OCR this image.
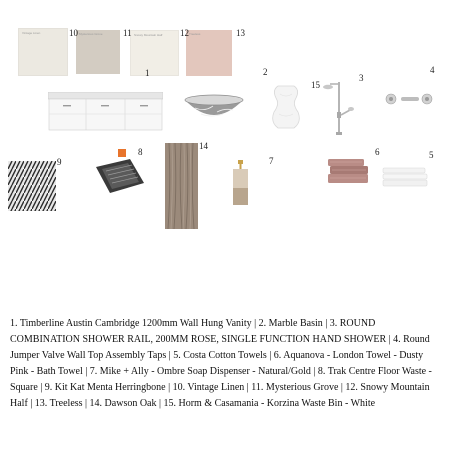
Vintage Linen	Mysterious Grove	Snowy Mountain Half	Treeless
10	11	12	13
1	2
15
3
4
9
8
14
7
6	5
1. Timberline Austin Cambridge 1200mm Wall Hung Vanity | 2. Marble Basin | 3. ROUND COMBINATION SHOWER RAIL, 200MM ROSE, SINGLE FUNCTION HAND SHOWER | 4. Round Jumper Valve Wall Top Assembly Taps | 5. Costa Cotton Towels | 6. Aquanova - London Towel - Dusty Pink - Bath Towel | 7. Mike + Ally - Ombre Soap Dispenser - Natural/Gold | 8. Trak Centre Floor Waste - Square | 9. Kit Kat Menta Herringbone | 10. Vintage Linen | 11. Mysterious Grove | 12. Snowy Mountain Half | 13. Treeless | 14. Dawson Oak | 15. Horm & Casamania - Korzina Waste Bin - White
